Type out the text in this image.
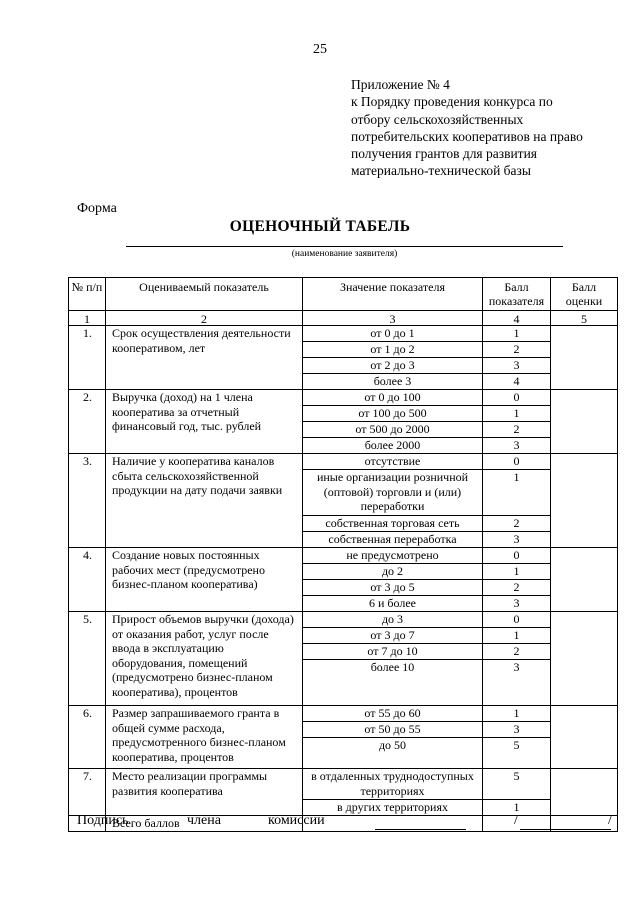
25
Приложение № 4
к Порядку проведения конкурса по
отбору сельскохозяйственных
потребительских кооперативов на право
получения грантов для развития
материально-технической базы
Форма
ОЦЕНОЧНЫЙ ТАБЕЛЬ
(наименование заявителя)
№ п/п	Оцениваемый показатель	Значение показателя	Балл показателя	Балл оценки
1	2	3	4	5
1.	Срок осуществления деятельности кооперативом, лет	от 0 до 1	1	
		от 1 до 2	2	
		от 2 до 3	3	
		более 3	4	
2.	Выручка (доход) на 1 члена кооператива за отчетный финансовый год, тыс. рублей	от 0 до 100	0	
		от 100 до 500	1	
		от 500 до 2000	2	
		более 2000	3	
3.	Наличие у кооператива каналов сбыта сельскохозяйственной продукции на дату подачи заявки	отсутствие	0	
		иные организации розничной (оптовой) торговли и (или) переработки	1	
		собственная торговая сеть	2	
		собственная переработка	3	
4.	Создание новых постоянных рабочих мест (предусмотрено бизнес-планом кооператива)	не предусмотрено	0	
		до 2	1	
		от 3 до 5	2	
		6 и более	3	
5.	Прирост объемов выручки (дохода) от оказания работ, услуг после ввода в эксплуатацию оборудования, помещений (предусмотрено бизнес-планом кооператива), процентов	до 3	0	
		от 3 до 7	1	
		от 7 до 10	2	
		более 10	3	
6.	Размер запрашиваемого гранта в общей сумме расхода, предусмотренного бизнес-планом кооператива, процентов	от 55 до 60	1	
		от 50 до 55	3	
		до 50	5	
7.	Место реализации программы развития кооператива	в отдаленных труднодоступных территориях	5	
		в других территориях	1	
	Всего баллов			
Подпись	члена	комиссии	/	/
